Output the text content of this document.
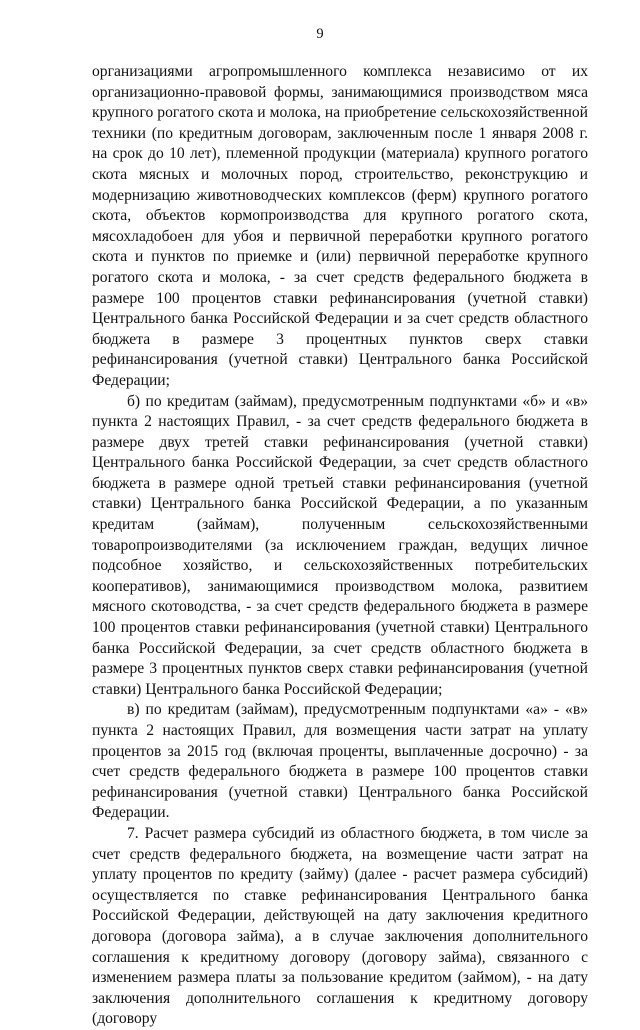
9

организациями агропромышленного комплекса независимо от их организационно-правовой формы, занимающимися производством мяса крупного рогатого скота и молока, на приобретение сельскохозяйственной техники (по кредитным договорам, заключенным после 1 января 2008 г. на срок до 10 лет), племенной продукции (материала) крупного рогатого скота мясных и молочных пород, строительство, реконструкцию и модернизацию животноводческих комплексов (ферм) крупного рогатого скота, объектов кормопроизводства для крупного рогатого скота, мясохладобоен для убоя и первичной переработки крупного рогатого скота и пунктов по приемке и (или) первичной переработке крупного рогатого скота и молока, - за счет средств федерального бюджета в размере 100 процентов ставки рефинансирования (учетной ставки) Центрального банка Российской Федерации и за счет средств областного бюджета в размере 3 процентных пунктов сверх ставки рефинансирования (учетной ставки) Центрального банка Российской Федерации;

б) по кредитам (займам), предусмотренным подпунктами «б» и «в» пункта 2 настоящих Правил, - за счет средств федерального бюджета в размере двух третей ставки рефинансирования (учетной ставки) Центрального банка Российской Федерации, за счет средств областного бюджета в размере одной третьей ставки рефинансирования (учетной ставки) Центрального банка Российской Федерации, а по указанным кредитам (займам), полученным сельскохозяйственными товаропроизводителями (за исключением граждан, ведущих личное подсобное хозяйство, и сельскохозяйственных потребительских кооперативов), занимающимися производством молока, развитием мясного скотоводства, - за счет средств федерального бюджета в размере 100 процентов ставки рефинансирования (учетной ставки) Центрального банка Российской Федерации, за счет средств областного бюджета в размере 3 процентных пунктов сверх ставки рефинансирования (учетной ставки) Центрального банка Российской Федерации;

в) по кредитам (займам), предусмотренным подпунктами «а» - «в» пункта 2 настоящих Правил, для возмещения части затрат на уплату процентов за 2015 год (включая проценты, выплаченные досрочно) - за счет средств федерального бюджета в размере 100 процентов ставки рефинансирования (учетной ставки) Центрального банка Российской Федерации.

7. Расчет размера субсидий из областного бюджета, в том числе за счет средств федерального бюджета, на возмещение части затрат на уплату процентов по кредиту (займу) (далее - расчет размера субсидий) осуществляется по ставке рефинансирования Центрального банка Российской Федерации, действующей на дату заключения кредитного договора (договора займа), а в случае заключения дополнительного соглашения к кредитному договору (договору займа), связанного с изменением размера платы за пользование кредитом (займом), - на дату заключения дополнительного соглашения к кредитному договору (договору
